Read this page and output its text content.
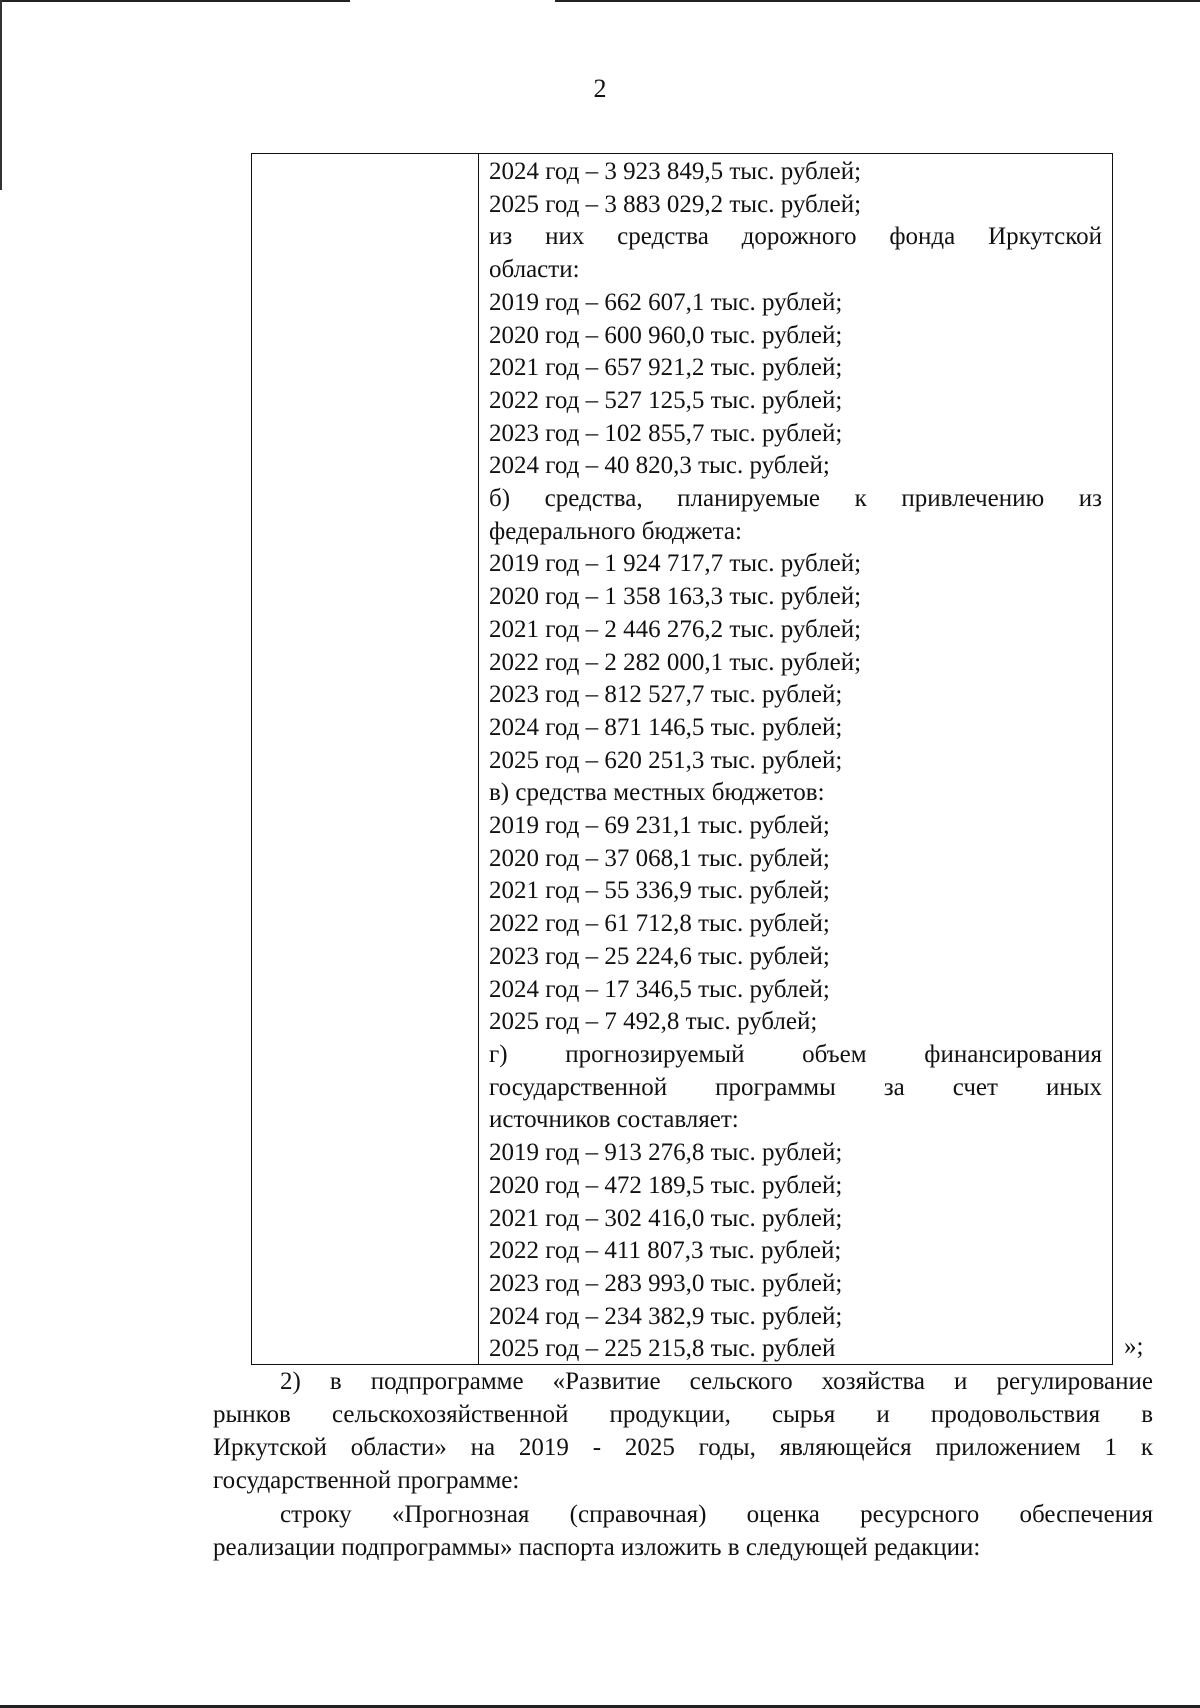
2
2024 год – 3 923 849,5 тыс. рублей;
2025 год – 3 883 029,2 тыс. рублей;
из них средства дорожного фонда Иркутской
области:
2019 год – 662 607,1 тыс. рублей;
2020 год – 600 960,0 тыс. рублей;
2021 год – 657 921,2 тыс. рублей;
2022 год – 527 125,5 тыс. рублей;
2023 год – 102 855,7 тыс. рублей;
2024 год – 40 820,3 тыс. рублей;
б) средства, планируемые к привлечению из
федерального бюджета:
2019 год – 1 924 717,7 тыс. рублей;
2020 год – 1 358 163,3 тыс. рублей;
2021 год – 2 446 276,2 тыс. рублей;
2022 год – 2 282 000,1 тыс. рублей;
2023 год – 812 527,7 тыс. рублей;
2024 год – 871 146,5 тыс. рублей;
2025 год – 620 251,3 тыс. рублей;
в) средства местных бюджетов:
2019 год – 69 231,1 тыс. рублей;
2020 год – 37 068,1 тыс. рублей;
2021 год – 55 336,9 тыс. рублей;
2022 год – 61 712,8 тыс. рублей;
2023 год – 25 224,6 тыс. рублей;
2024 год – 17 346,5 тыс. рублей;
2025 год – 7 492,8 тыс. рублей;
г) прогнозируемый объем финансирования
государственной программы за счет иных
источников составляет:
2019 год – 913 276,8 тыс. рублей;
2020 год – 472 189,5 тыс. рублей;
2021 год – 302 416,0 тыс. рублей;
2022 год – 411 807,3 тыс. рублей;
2023 год – 283 993,0 тыс. рублей;
2024 год – 234 382,9 тыс. рублей;
2025 год – 225 215,8 тыс. рублей	»;
2) в подпрограмме «Развитие сельского хозяйства и регулирование
рынков сельскохозяйственной продукции, сырья и продовольствия в
Иркутской области» на 2019 - 2025 годы, являющейся приложением 1 к
государственной программе:
строку «Прогнозная (справочная) оценка ресурсного обеспечения
реализации подпрограммы» паспорта изложить в следующей редакции:
